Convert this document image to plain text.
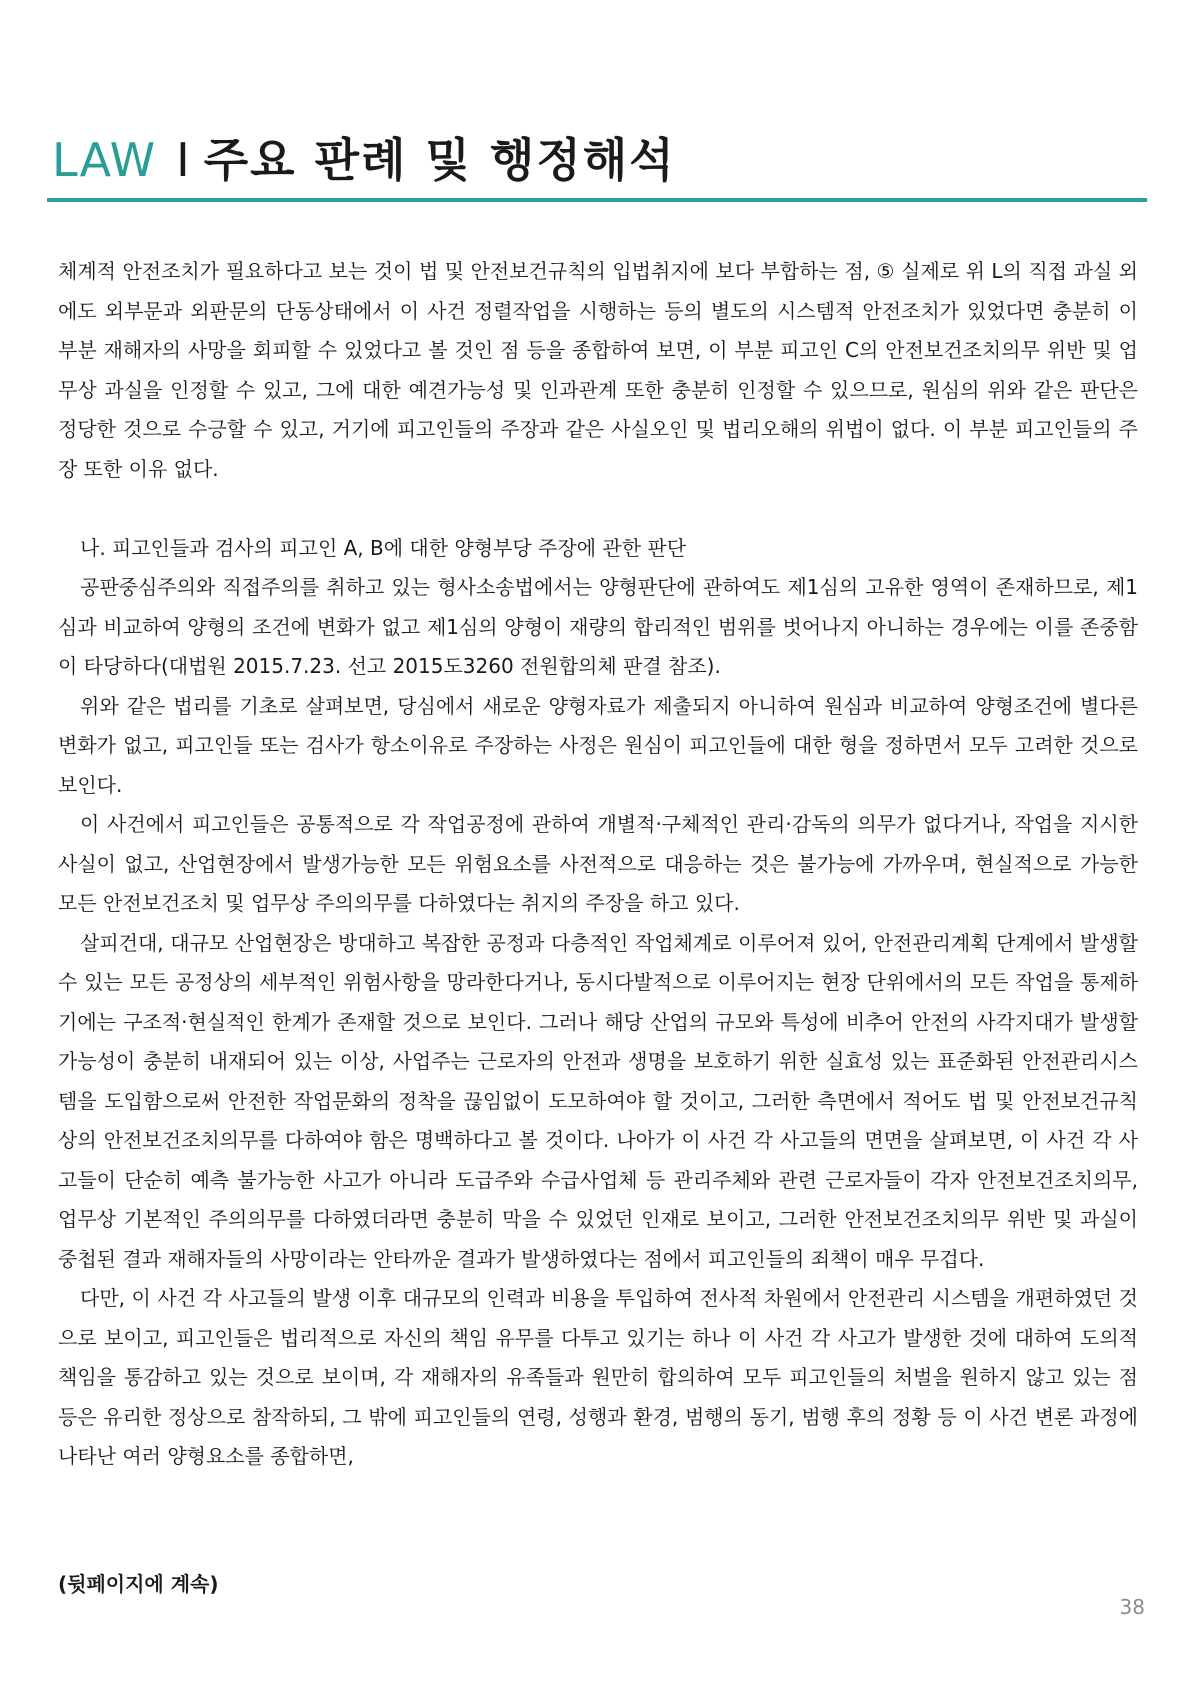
LAW I 주요 판례 및 행정해석

체계적 안전조치가 필요하다고 보는 것이 법 및 안전보건규칙의 입법취지에 보다 부합하는 점, ⑤ 실제로 위 L의 직접 과실 외에도 외부문과 외판문의 단동상태에서 이 사건 정렬작업을 시행하는 등의 별도의 시스템적 안전조치가 있었다면 충분히 이 부분 재해자의 사망을 회피할 수 있었다고 볼 것인 점 등을 종합하여 보면, 이 부분 피고인 C의 안전보건조치의무 위반 및 업무상 과실을 인정할 수 있고, 그에 대한 예견가능성 및 인과관계 또한 충분히 인정할 수 있으므로, 원심의 위와 같은 판단은 정당한 것으로 수긍할 수 있고, 거기에 피고인들의 주장과 같은 사실오인 및 법리오해의 위법이 없다. 이 부분 피고인들의 주장 또한 이유 없다.

나. 피고인들과 검사의 피고인 A, B에 대한 양형부당 주장에 관한 판단

공판중심주의와 직접주의를 취하고 있는 형사소송법에서는 양형판단에 관하여도 제1심의 고유한 영역이 존재하므로, 제1심과 비교하여 양형의 조건에 변화가 없고 제1심의 양형이 재량의 합리적인 범위를 벗어나지 아니하는 경우에는 이를 존중함이 타당하다(대법원 2015.7.23. 선고 2015도3260 전원합의체 판결 참조).

위와 같은 법리를 기초로 살펴보면, 당심에서 새로운 양형자료가 제출되지 아니하여 원심과 비교하여 양형조건에 별다른 변화가 없고, 피고인들 또는 검사가 항소이유로 주장하는 사정은 원심이 피고인들에 대한 형을 정하면서 모두 고려한 것으로 보인다.

이 사건에서 피고인들은 공통적으로 각 작업공정에 관하여 개별적·구체적인 관리·감독의 의무가 없다거나, 작업을 지시한 사실이 없고, 산업현장에서 발생가능한 모든 위험요소를 사전적으로 대응하는 것은 불가능에 가까우며, 현실적으로 가능한 모든 안전보건조치 및 업무상 주의의무를 다하였다는 취지의 주장을 하고 있다.

살피건대, 대규모 산업현장은 방대하고 복잡한 공정과 다층적인 작업체계로 이루어져 있어, 안전관리계획 단계에서 발생할 수 있는 모든 공정상의 세부적인 위험사항을 망라한다거나, 동시다발적으로 이루어지는 현장 단위에서의 모든 작업을 통제하기에는 구조적·현실적인 한계가 존재할 것으로 보인다. 그러나 해당 산업의 규모와 특성에 비추어 안전의 사각지대가 발생할 가능성이 충분히 내재되어 있는 이상, 사업주는 근로자의 안전과 생명을 보호하기 위한 실효성 있는 표준화된 안전관리시스템을 도입함으로써 안전한 작업문화의 정착을 끊임없이 도모하여야 할 것이고, 그러한 측면에서 적어도 법 및 안전보건규칙상의 안전보건조치의무를 다하여야 함은 명백하다고 볼 것이다. 나아가 이 사건 각 사고들의 면면을 살펴보면, 이 사건 각 사고들이 단순히 예측 불가능한 사고가 아니라 도급주와 수급사업체 등 관리주체와 관련 근로자들이 각자 안전보건조치의무, 업무상 기본적인 주의의무를 다하였더라면 충분히 막을 수 있었던 인재로 보이고, 그러한 안전보건조치의무 위반 및 과실이 중첩된 결과 재해자들의 사망이라는 안타까운 결과가 발생하였다는 점에서 피고인들의 죄책이 매우 무겁다.

다만, 이 사건 각 사고들의 발생 이후 대규모의 인력과 비용을 투입하여 전사적 차원에서 안전관리 시스템을 개편하였던 것으로 보이고, 피고인들은 법리적으로 자신의 책임 유무를 다투고 있기는 하나 이 사건 각 사고가 발생한 것에 대하여 도의적 책임을 통감하고 있는 것으로 보이며, 각 재해자의 유족들과 원만히 합의하여 모두 피고인들의 처벌을 원하지 않고 있는 점 등은 유리한 정상으로 참작하되, 그 밖에 피고인들의 연령, 성행과 환경, 범행의 동기, 범행 후의 정황 등 이 사건 변론 과정에 나타난 여러 양형요소를 종합하면,

(뒷페이지에 계속)
38
